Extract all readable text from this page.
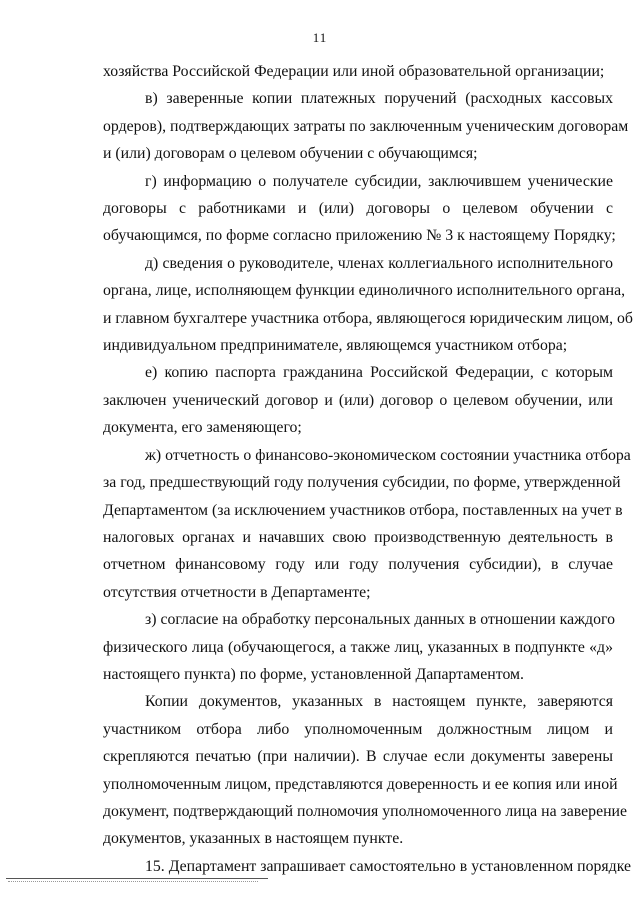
11
хозяйства Российской Федерации или иной образовательной организации;
в) заверенные копии платежных поручений (расходных кассовых
ордеров), подтверждающих затраты по заключенным ученическим договорам
и (или) договорам о целевом обучении с обучающимся;
г) информацию о получателе субсидии, заключившем ученические
договоры с работниками и (или) договоры о целевом обучении с
обучающимся, по форме согласно приложению № 3 к настоящему Порядку;
д) сведения о руководителе, членах коллегиального исполнительного
органа, лице, исполняющем функции единоличного исполнительного органа,
и главном бухгалтере участника отбора, являющегося юридическим лицом, об
индивидуальном предпринимателе, являющемся участником отбора;
е) копию паспорта гражданина Российской Федерации, с которым
заключен ученический договор и (или) договор о целевом обучении, или
документа, его заменяющего;
ж) отчетность о финансово-экономическом состоянии участника отбора
за год, предшествующий году получения субсидии, по форме, утвержденной
Департаментом (за исключением участников отбора, поставленных на учет в
налоговых органах и начавших свою производственную деятельность в
отчетном финансовому году или году получения субсидии), в случае
отсутствия отчетности в Департаменте;
з) согласие на обработку персональных данных в отношении каждого
физического лица (обучающегося, а также лиц, указанных в подпункте «д»
настоящего пункта) по форме, установленной Дапартаментом.
Копии документов, указанных в настоящем пункте, заверяются
участником отбора либо уполномоченным должностным лицом и
скрепляются печатью (при наличии). В случае если документы заверены
уполномоченным лицом, представляются доверенность и ее копия или иной
документ, подтверждающий полномочия уполномоченного лица на заверение
документов, указанных в настоящем пункте.
15. Департамент запрашивает самостоятельно в установленном порядке
